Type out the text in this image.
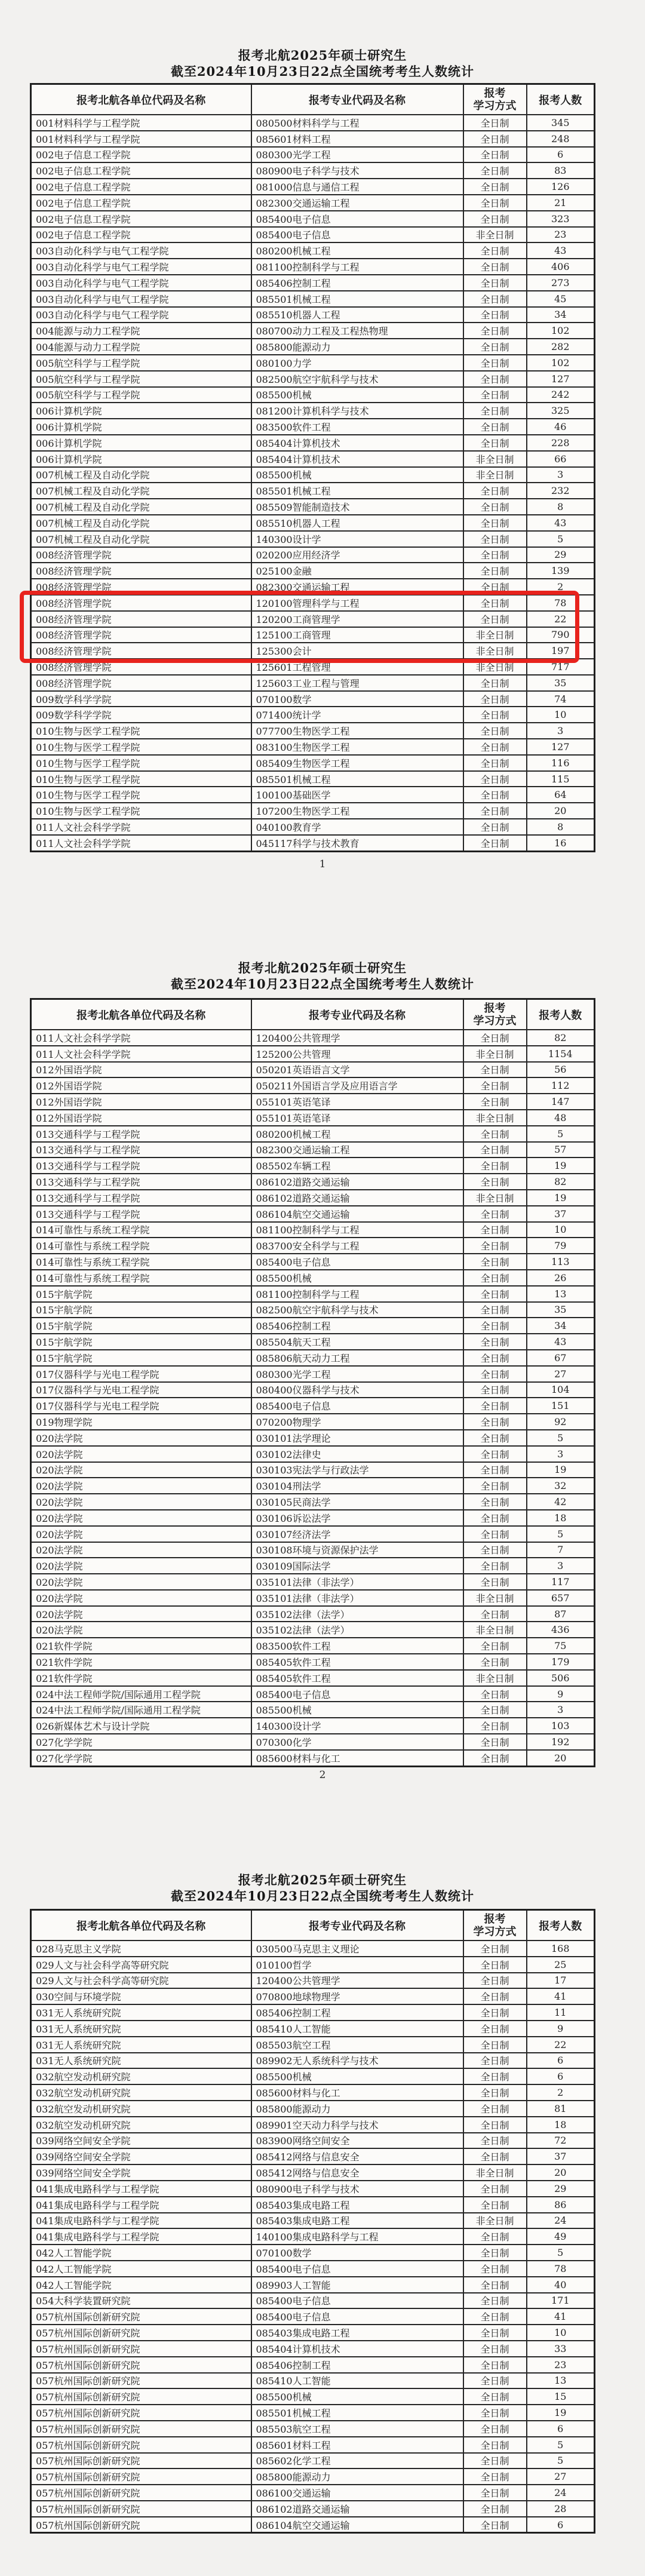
报考北航2025年硕士研究生
截至2024年10月23日22点全国统考考生人数统计
报考北航各单位代码及名称	报考专业代码及名称	报考
学习方式	报考人数
001材料科学与工程学院	080500材料科学与工程	全日制	345
001材料科学与工程学院	085601材料工程	全日制	248
002电子信息工程学院	080300光学工程	全日制	6
002电子信息工程学院	080900电子科学与技术	全日制	83
002电子信息工程学院	081000信息与通信工程	全日制	126
002电子信息工程学院	082300交通运输工程	全日制	21
002电子信息工程学院	085400电子信息	全日制	323
002电子信息工程学院	085400电子信息	非全日制	23
003自动化科学与电气工程学院	080200机械工程	全日制	43
003自动化科学与电气工程学院	081100控制科学与工程	全日制	406
003自动化科学与电气工程学院	085406控制工程	全日制	273
003自动化科学与电气工程学院	085501机械工程	全日制	45
003自动化科学与电气工程学院	085510机器人工程	全日制	34
004能源与动力工程学院	080700动力工程及工程热物理	全日制	102
004能源与动力工程学院	085800能源动力	全日制	282
005航空科学与工程学院	080100力学	全日制	102
005航空科学与工程学院	082500航空宇航科学与技术	全日制	127
005航空科学与工程学院	085500机械	全日制	242
006计算机学院	081200计算机科学与技术	全日制	325
006计算机学院	083500软件工程	全日制	46
006计算机学院	085404计算机技术	全日制	228
006计算机学院	085404计算机技术	非全日制	66
007机械工程及自动化学院	085500机械	非全日制	3
007机械工程及自动化学院	085501机械工程	全日制	232
007机械工程及自动化学院	085509智能制造技术	全日制	8
007机械工程及自动化学院	085510机器人工程	全日制	43
007机械工程及自动化学院	140300设计学	全日制	5
008经济管理学院	020200应用经济学	全日制	29
008经济管理学院	025100金融	全日制	139
008经济管理学院	082300交通运输工程	全日制	2
008经济管理学院	120100管理科学与工程	全日制	78
008经济管理学院	120200工商管理学	全日制	22
008经济管理学院	125100工商管理	非全日制	790
008经济管理学院	125300会计	非全日制	197
008经济管理学院	125601工程管理	非全日制	717
008经济管理学院	125603工业工程与管理	全日制	35
009数学科学学院	070100数学	全日制	74
009数学科学学院	071400统计学	全日制	10
010生物与医学工程学院	077700生物医学工程	全日制	3
010生物与医学工程学院	083100生物医学工程	全日制	127
010生物与医学工程学院	085409生物医学工程	全日制	116
010生物与医学工程学院	085501机械工程	全日制	115
010生物与医学工程学院	100100基础医学	全日制	64
010生物与医学工程学院	107200生物医学工程	全日制	20
011人文社会科学学院	040100教育学	全日制	8
011人文社会科学学院	045117科学与技术教育	全日制	16
1
报考北航2025年硕士研究生
截至2024年10月23日22点全国统考考生人数统计
报考北航各单位代码及名称	报考专业代码及名称	报考
学习方式	报考人数
011人文社会科学学院	120400公共管理学	全日制	82
011人文社会科学学院	125200公共管理	非全日制	1154
012外国语学院	050201英语语言文学	全日制	56
012外国语学院	050211外国语言学及应用语言学	全日制	112
012外国语学院	055101英语笔译	全日制	147
012外国语学院	055101英语笔译	非全日制	48
013交通科学与工程学院	080200机械工程	全日制	5
013交通科学与工程学院	082300交通运输工程	全日制	57
013交通科学与工程学院	085502车辆工程	全日制	19
013交通科学与工程学院	086102道路交通运输	全日制	82
013交通科学与工程学院	086102道路交通运输	非全日制	19
013交通科学与工程学院	086104航空交通运输	全日制	37
014可靠性与系统工程学院	081100控制科学与工程	全日制	10
014可靠性与系统工程学院	083700安全科学与工程	全日制	79
014可靠性与系统工程学院	085400电子信息	全日制	113
014可靠性与系统工程学院	085500机械	全日制	26
015宇航学院	081100控制科学与工程	全日制	13
015宇航学院	082500航空宇航科学与技术	全日制	35
015宇航学院	085406控制工程	全日制	34
015宇航学院	085504航天工程	全日制	43
015宇航学院	085806航天动力工程	全日制	67
017仪器科学与光电工程学院	080300光学工程	全日制	27
017仪器科学与光电工程学院	080400仪器科学与技术	全日制	104
017仪器科学与光电工程学院	085400电子信息	全日制	151
019物理学院	070200物理学	全日制	92
020法学院	030101法学理论	全日制	5
020法学院	030102法律史	全日制	3
020法学院	030103宪法学与行政法学	全日制	19
020法学院	030104刑法学	全日制	32
020法学院	030105民商法学	全日制	42
020法学院	030106诉讼法学	全日制	18
020法学院	030107经济法学	全日制	5
020法学院	030108环境与资源保护法学	全日制	7
020法学院	030109国际法学	全日制	3
020法学院	035101法律（非法学）	全日制	117
020法学院	035101法律（非法学）	非全日制	657
020法学院	035102法律（法学）	全日制	87
020法学院	035102法律（法学）	非全日制	436
021软件学院	083500软件工程	全日制	75
021软件学院	085405软件工程	全日制	179
021软件学院	085405软件工程	非全日制	506
024中法工程师学院/国际通用工程学院	085400电子信息	全日制	9
024中法工程师学院/国际通用工程学院	085500机械	全日制	3
026新媒体艺术与设计学院	140300设计学	全日制	103
027化学学院	070300化学	全日制	192
027化学学院	085600材料与化工	全日制	20
2
报考北航2025年硕士研究生
截至2024年10月23日22点全国统考考生人数统计
报考北航各单位代码及名称	报考专业代码及名称	报考
学习方式	报考人数
028马克思主义学院	030500马克思主义理论	全日制	168
029人文与社会科学高等研究院	010100哲学	全日制	25
029人文与社会科学高等研究院	120400公共管理学	全日制	17
030空间与环境学院	070800地球物理学	全日制	41
031无人系统研究院	085406控制工程	全日制	11
031无人系统研究院	085410人工智能	全日制	9
031无人系统研究院	085503航空工程	全日制	22
031无人系统研究院	089902无人系统科学与技术	全日制	6
032航空发动机研究院	085500机械	全日制	6
032航空发动机研究院	085600材料与化工	全日制	2
032航空发动机研究院	085800能源动力	全日制	81
032航空发动机研究院	089901空天动力科学与技术	全日制	18
039网络空间安全学院	083900网络空间安全	全日制	72
039网络空间安全学院	085412网络与信息安全	全日制	37
039网络空间安全学院	085412网络与信息安全	非全日制	20
041集成电路科学与工程学院	080900电子科学与技术	全日制	29
041集成电路科学与工程学院	085403集成电路工程	全日制	86
041集成电路科学与工程学院	085403集成电路工程	非全日制	24
041集成电路科学与工程学院	140100集成电路科学与工程	全日制	49
042人工智能学院	070100数学	全日制	5
042人工智能学院	085400电子信息	全日制	78
042人工智能学院	089903人工智能	全日制	40
054大科学装置研究院	085400电子信息	全日制	171
057杭州国际创新研究院	085400电子信息	全日制	41
057杭州国际创新研究院	085403集成电路工程	全日制	10
057杭州国际创新研究院	085404计算机技术	全日制	33
057杭州国际创新研究院	085406控制工程	全日制	23
057杭州国际创新研究院	085410人工智能	全日制	13
057杭州国际创新研究院	085500机械	全日制	15
057杭州国际创新研究院	085501机械工程	全日制	19
057杭州国际创新研究院	085503航空工程	全日制	6
057杭州国际创新研究院	085601材料工程	全日制	5
057杭州国际创新研究院	085602化学工程	全日制	5
057杭州国际创新研究院	085800能源动力	全日制	27
057杭州国际创新研究院	086100交通运输	全日制	24
057杭州国际创新研究院	086102道路交通运输	全日制	28
057杭州国际创新研究院	086104航空交通运输	全日制	6
